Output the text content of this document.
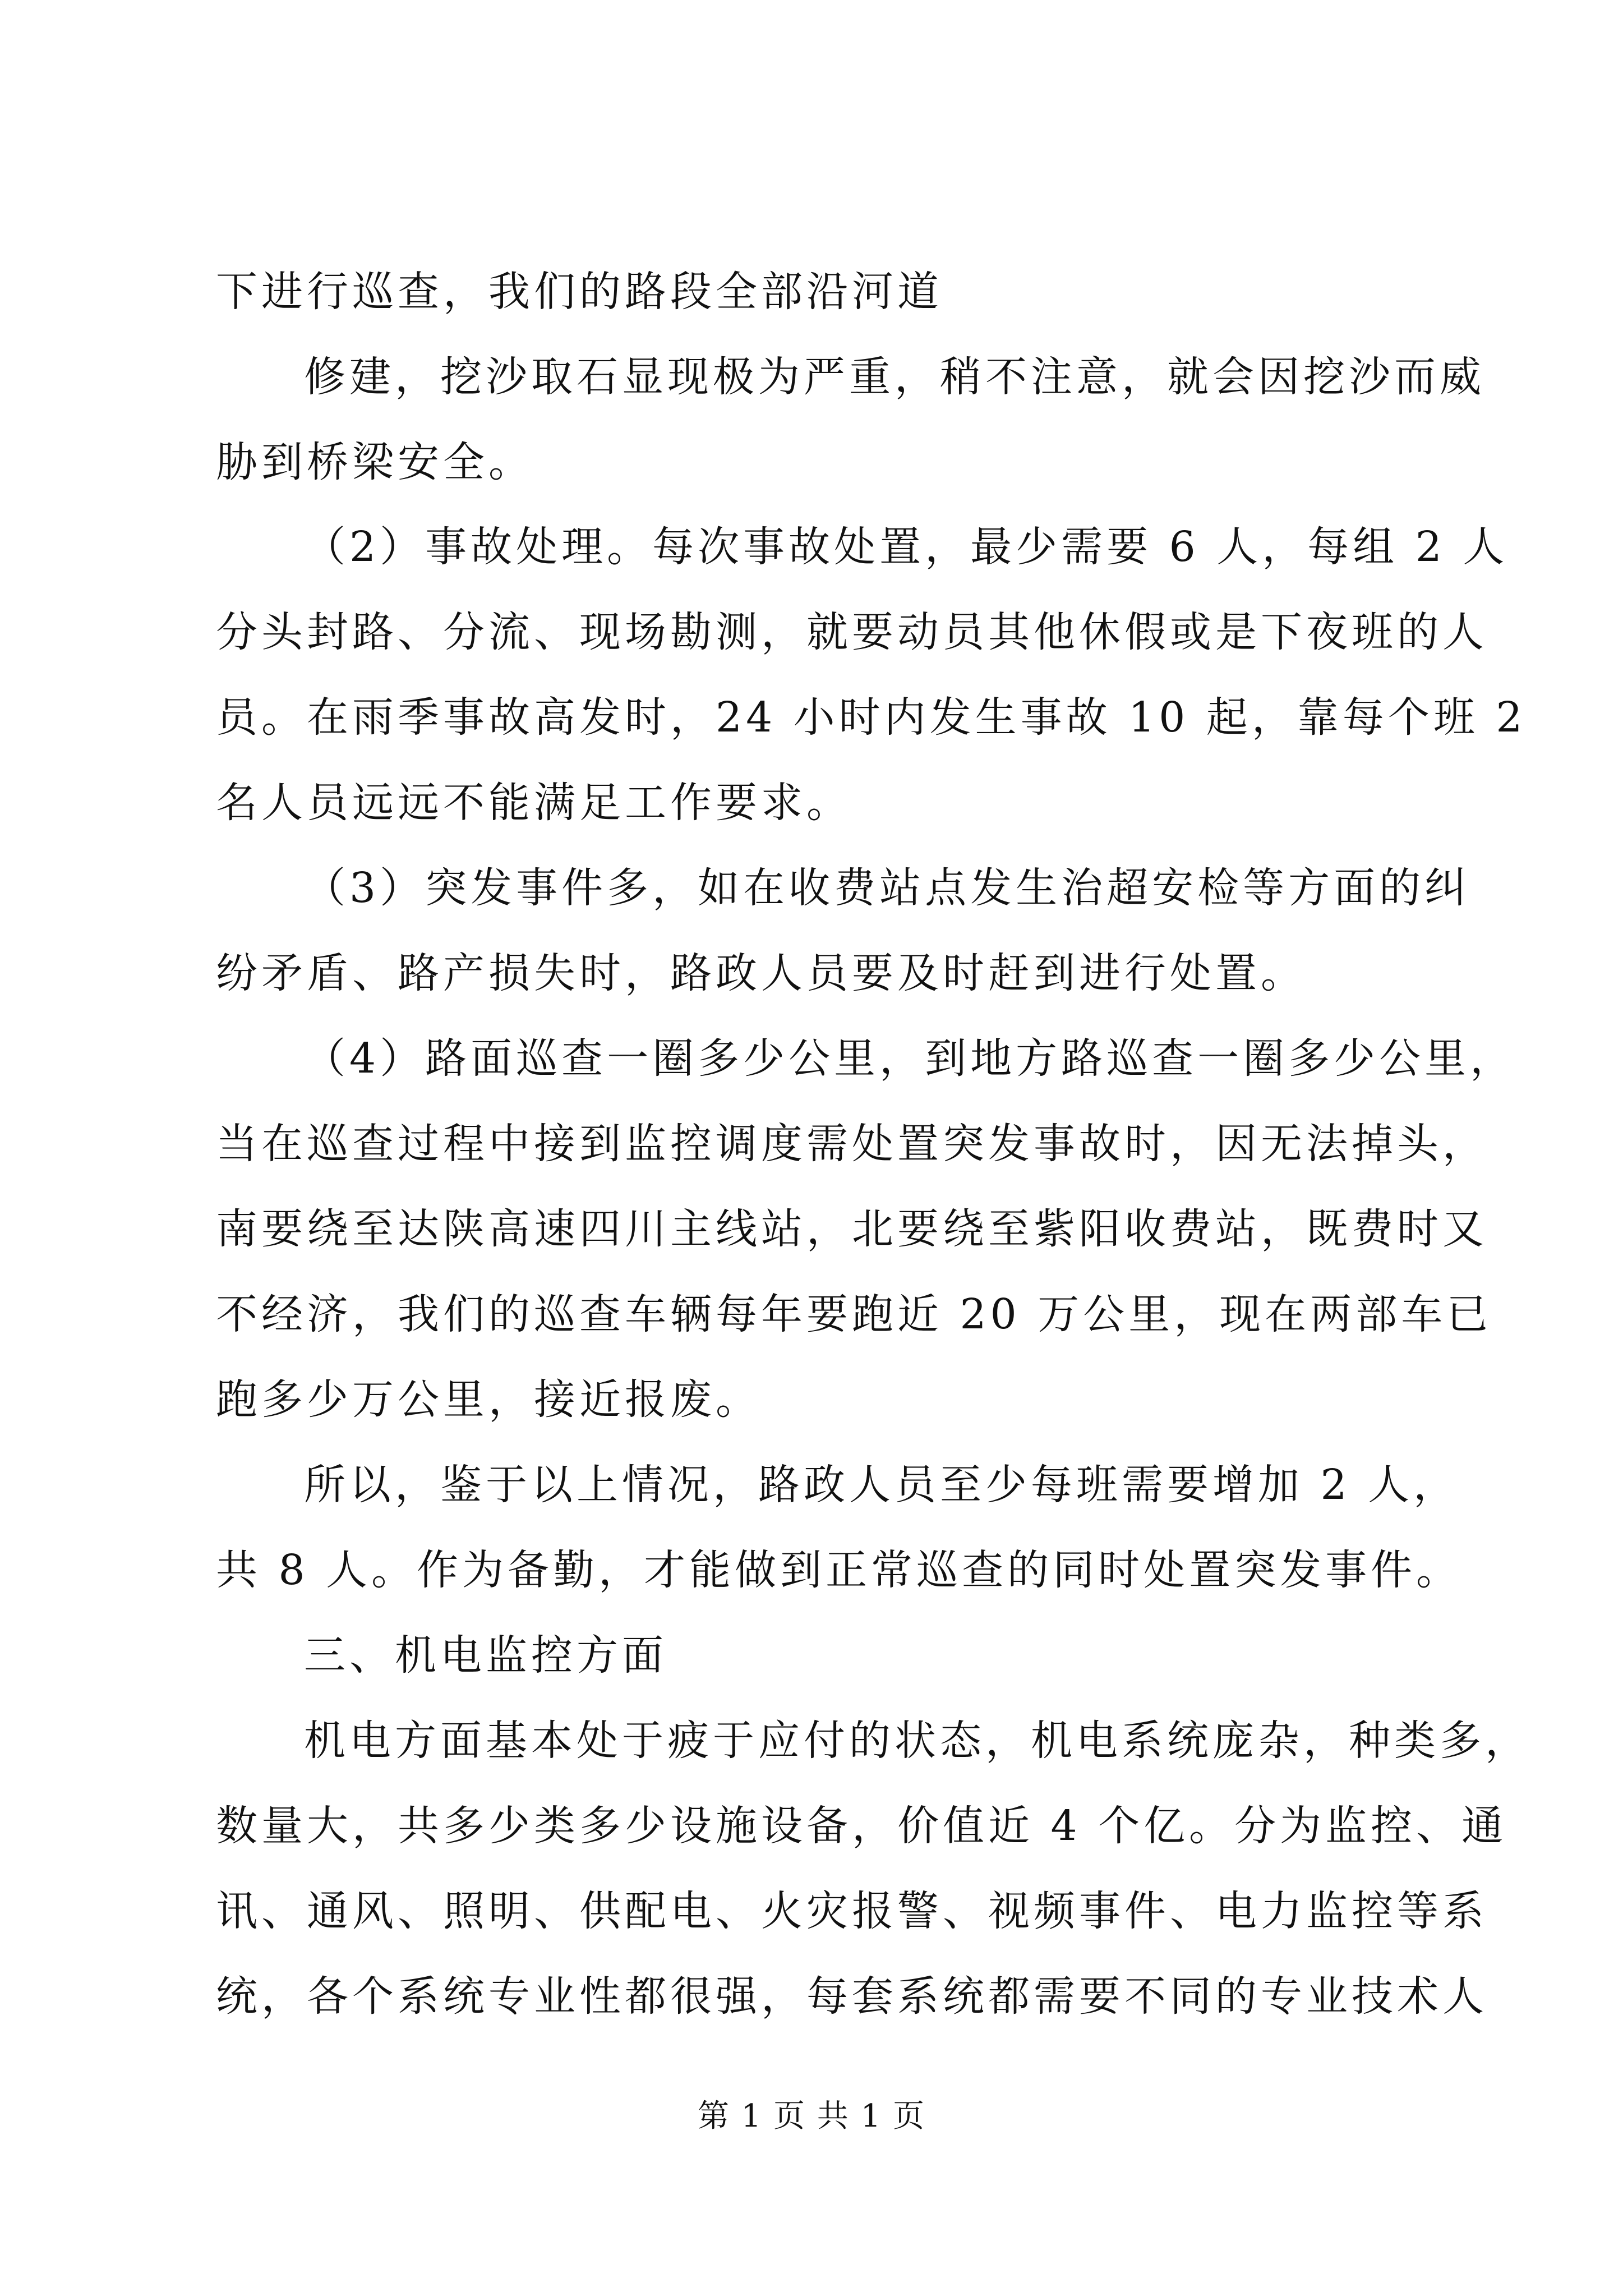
下进行巡查，我们的路段全部沿河道
修建，挖沙取石显现极为严重，稍不注意，就会因挖沙而威
胁到桥梁安全。
（2）事故处理。每次事故处置，最少需要 6 人，每组 2 人
分头封路、分流、现场勘测，就要动员其他休假或是下夜班的人
员。在雨季事故高发时，24 小时内发生事故 10 起，靠每个班 2
名人员远远不能满足工作要求。
（3）突发事件多，如在收费站点发生治超安检等方面的纠
纷矛盾、路产损失时，路政人员要及时赶到进行处置。
（4）路面巡查一圈多少公里，到地方路巡查一圈多少公里，
当在巡查过程中接到监控调度需处置突发事故时，因无法掉头，
南要绕至达陕高速四川主线站，北要绕至紫阳收费站，既费时又
不经济，我们的巡查车辆每年要跑近 20 万公里，现在两部车已
跑多少万公里，接近报废。
所以，鉴于以上情况，路政人员至少每班需要增加 2 人，
共 8 人。作为备勤，才能做到正常巡查的同时处置突发事件。
三、机电监控方面
机电方面基本处于疲于应付的状态，机电系统庞杂，种类多，
数量大，共多少类多少设施设备，价值近 4 个亿。分为监控、通
讯、通风、照明、供配电、火灾报警、视频事件、电力监控等系
统，各个系统专业性都很强，每套系统都需要不同的专业技术人
第 1 页 共 1 页
